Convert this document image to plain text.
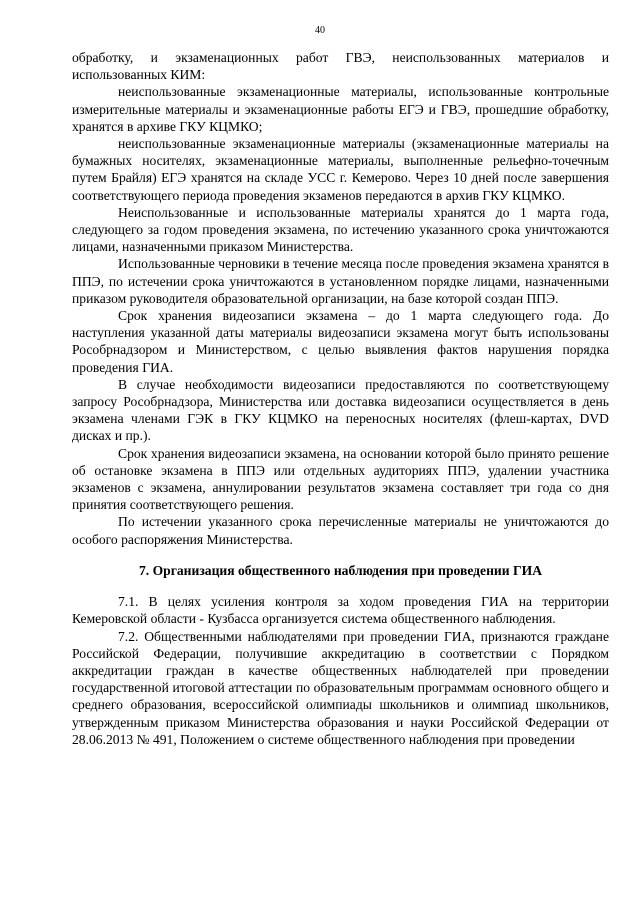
40

обработку, и экзаменационных работ ГВЭ, неиспользованных материалов и использованных КИМ:

неиспользованные экзаменационные материалы, использованные контрольные измерительные материалы и экзаменационные работы ЕГЭ и ГВЭ, прошедшие обработку, хранятся в архиве ГКУ КЦМКО;

неиспользованные экзаменационные материалы (экзаменационные материалы на бумажных носителях, экзаменационные материалы, выполненные рельефно-точечным путем Брайля) ЕГЭ хранятся на складе УСС г. Кемерово. Через 10 дней после завершения соответствующего периода проведения экзаменов передаются в архив ГКУ КЦМКО.

Неиспользованные и использованные материалы хранятся до 1 марта года, следующего за годом проведения экзамена, по истечению указанного срока уничтожаются лицами, назначенными приказом Министерства.

Использованные черновики в течение месяца после проведения экзамена хранятся в ППЭ, по истечении срока уничтожаются в установленном порядке лицами, назначенными приказом руководителя образовательной организации, на базе которой создан ППЭ.

Срок хранения видеозаписи экзамена – до 1 марта следующего года. До наступления указанной даты материалы видеозаписи экзамена могут быть использованы Рособрнадзором и Министерством, с целью выявления фактов нарушения порядка проведения ГИА.

В случае необходимости видеозаписи предоставляются по соответствующему запросу Рособрнадзора, Министерства или доставка видеозаписи осуществляется в день экзамена членами ГЭК в ГКУ КЦМКО на переносных носителях (флеш-картах, DVD дисках и пр.).

Срок хранения видеозаписи экзамена, на основании которой было принято решение об остановке экзамена в ППЭ или отдельных аудиториях ППЭ, удалении участника экзаменов с экзамена, аннулировании результатов экзамена составляет три года со дня принятия соответствующего решения.

По истечении указанного срока перечисленные материалы не уничтожаются до особого распоряжения Министерства.

7. Организация общественного наблюдения при проведении ГИА

7.1. В целях усиления контроля за ходом проведения ГИА на территории Кемеровской области - Кузбасса организуется система общественного наблюдения.

7.2. Общественными наблюдателями при проведении ГИА, признаются граждане Российской Федерации, получившие аккредитацию в соответствии с Порядком аккредитации граждан в качестве общественных наблюдателей при проведении государственной итоговой аттестации по образовательным программам основного общего и среднего образования, всероссийской олимпиады школьников и олимпиад школьников, утвержденным приказом Министерства образования и науки Российской Федерации от 28.06.2013 № 491, Положением о системе общественного наблюдения при проведении
